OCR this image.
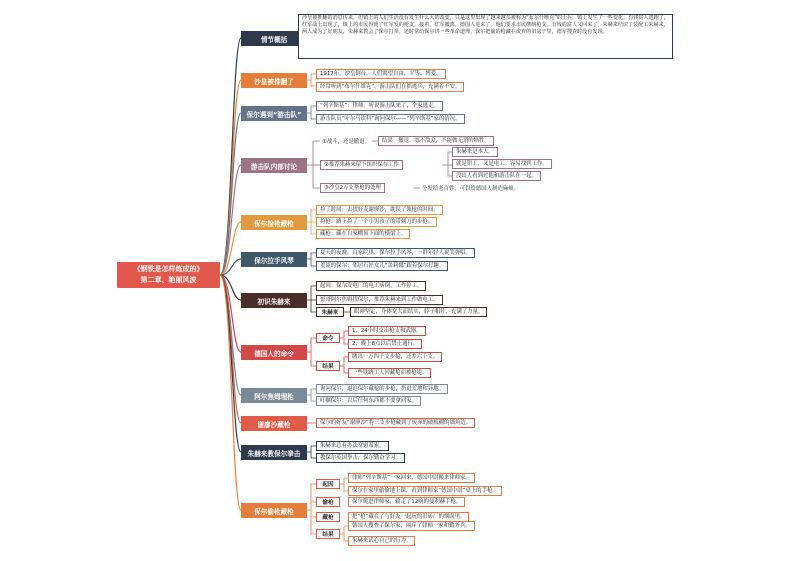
《钢铁是怎样炼成的》
第二章、艳丽风波
情节概括
沙皇被推翻了
保尔遇到“游击队”
游击队内部讨论
保尔捡枪藏枪
保尔拉手风琴
初识朱赫来
德国人的命令
阿尔焦姆埋枪
谢廖沙藏枪
朱赫来教保尔拳击
保尔偷枪藏枪
沙皇被推翻的消息传来，但镇上的人们生活没有发生什么大的改变，只是这里出现了越来越多被称为“布尔什维克”的士兵，镇上发生了一些变化，有钱富人逃跑了，红军战士出现了，镇上的市民得到了红军发的枪支。接着，红军撤离，德国人进来了。他们要求市民缴纳枪支。有钱的富人又回来了。朱赫来结识了装配工朱赫来，两人成为了好朋友，朱赫来教会了保尔打拳，还时常给保尔讲一些革命道理。保尔把偷的枪藏在废弃的旧房子里，德军搜查时没有发现。
1917年，沙皇倒台。人们渴望自由、平等、博爱。
经常听到“布尔什维克”，游击队们在抓逃兵，充满着不安。
“列辛斯基”：律师。听说游击队来了，全家逃走。
游击队员“叶尔马钦科”询问保尔——“列辛斯基”家的情况。
①战斗，还是撤退。	结果：撤退。寡不敌众，不能做无谓的牺牲。
②推荐朱赫来留下组织保存工作
朱赫来是本人。
就是钳工，又是电工。容易找到工作。
没出人看到过他和游击队在一起。
③沙皇2万支帮枪的处理	分发给老百姓，可以给德国人制造麻烦。
捡了时间：去找好友谢廖沙，耽误了领枪的时间。
捡枪：路上捡了一个小男孩子的带刺刀的步枪。
藏枪：藏在自家棚顶下面的横梁上。
夏天的夜晚，自家院里，保尔拉手风琴，一群年轻人说笑弹唱。
羞涩的保尔：邻居石匠女儿“盖莉娜”跟着保尔打趣。
起因：保尔发电厂的电工病倒，工作停工。
哥哥阿尔焦姆找保尔，推荐朱赫来到工作做电工。
朱赫来	眼神坚定，身体宽大而结实，脖子粗壮，充满了力量。
命令
1、24小时交出枪支和武器。
2、晚上8点以后禁止通行。
结果
缴出一万四千支步枪，还差六千支。
一些铁路工人因藏枪而被枪毙。
询问保尔，逼迫保尔藏枪的步枪，扔进荒地和异地。
叮嘱保尔：以后任何东西都不要拿回家。
保尔的好友“谢廖沙”将三支步枪藏到了废弃的破板棚的墙角边。
朱赫来总有办法宽慰希索。
教保尔英国拳击，保尔勤奋学习。
起因
律师“列辛斯基”一家回来，德国中尉搬来律师家。
保尔在家里偷偷地上课，看到律师家“德国中尉”桌上的手枪。
偷枪	保尔爬进律师家，偷走了12响的曼利赫手枪。
藏枪	把“枪”藏在了与好友一起玩的旧砖厂的烟囱里。
结果
德国人搜查了保尔家，闹斥了律师一家和勤务兵。
朱赫来试心自己的行为。
